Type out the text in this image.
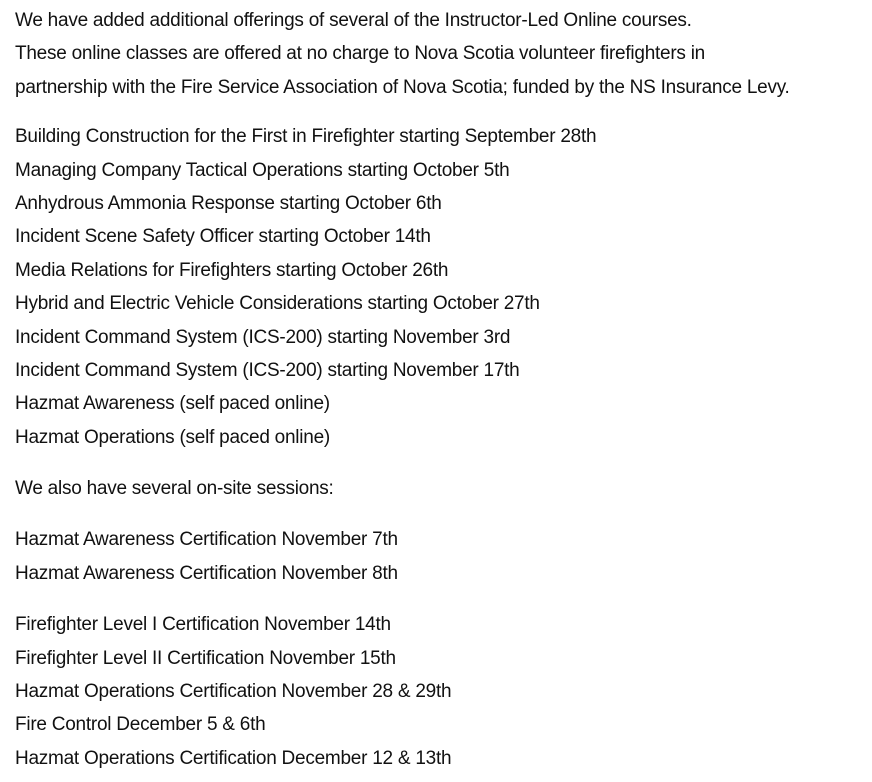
We have added additional offerings of several of the Instructor-Led Online courses.
These online classes are offered at no charge to Nova Scotia volunteer firefighters in
partnership with the Fire Service Association of Nova Scotia; funded by the NS Insurance Levy.
Building Construction for the First in Firefighter starting September 28th
Managing Company Tactical Operations starting October 5th
Anhydrous Ammonia Response starting October 6th
Incident Scene Safety Officer starting October 14th
Media Relations for Firefighters starting October 26th
Hybrid and Electric Vehicle Considerations starting October 27th
Incident Command System (ICS-200) starting November 3rd
Incident Command System (ICS-200) starting November 17th
Hazmat Awareness (self paced online)
Hazmat Operations (self paced online)
We also have several on-site sessions:
Hazmat Awareness Certification November 7th
Hazmat Awareness Certification November 8th
Firefighter Level I Certification November 14th
Firefighter Level II Certification November 15th
Hazmat Operations Certification November 28 & 29th
Fire Control December 5 & 6th
Hazmat Operations Certification December 12 & 13th
